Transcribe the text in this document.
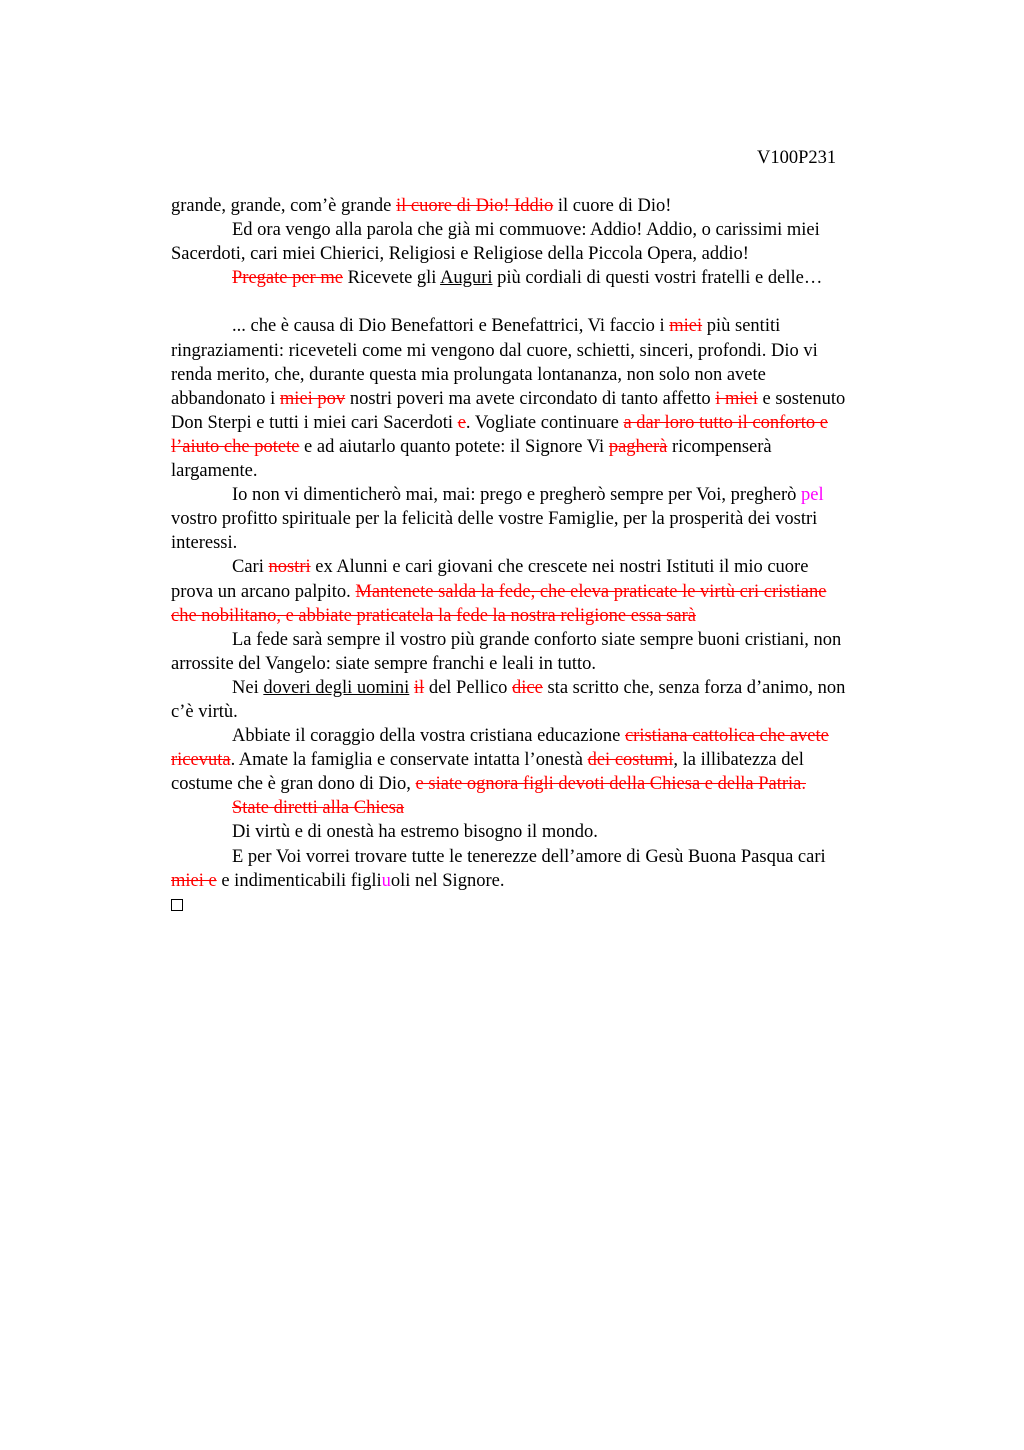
V100P231
grande, grande, com’è grande il cuore di Dio! Iddio il cuore di Dio!
Ed ora vengo alla parola che già mi commuove: Addio! Addio, o carissimi miei
Sacerdoti, cari miei Chierici, Religiosi e Religiose della Piccola Opera, addio!
Pregate per me Ricevete gli Auguri più cordiali di questi vostri fratelli e delle…
... che è causa di Dio Benefattori e Benefattrici, Vi faccio i miei più sentiti
ringraziamenti: riceveteli come mi vengono dal cuore, schietti, sinceri, profondi. Dio vi
renda merito, che, durante questa mia prolungata lontananza, non solo non avete
abbandonato i miei pov nostri poveri ma avete circondato di tanto affetto i miei e sostenuto
Don Sterpi e tutti i miei cari Sacerdoti e. Vogliate continuare a dar loro tutto il conforto e
l’aiuto che potete e ad aiutarlo quanto potete: il Signore Vi pagherà ricompenserà
largamente.
Io non vi dimenticherò mai, mai: prego e pregherò sempre per Voi, pregherò pel
vostro profitto spirituale per la felicità delle vostre Famiglie, per la prosperità dei vostri
interessi.
Cari nostri ex Alunni e cari giovani che crescete nei nostri Istituti il mio cuore
prova un arcano palpito. Mantenete salda la fede, che eleva praticate le virtù cri cristiane
che nobilitano, e abbiate praticatela la fede la nostra religione essa sarà
La fede sarà sempre il vostro più grande conforto siate sempre buoni cristiani, non
arrossite del Vangelo: siate sempre franchi e leali in tutto.
Nei doveri degli uomini il del Pellico dice sta scritto che, senza forza d’animo, non
c’è virtù.
Abbiate il coraggio della vostra cristiana educazione cristiana cattolica che avete
ricevuta. Amate la famiglia e conservate intatta l’onestà dei costumi, la illibatezza del
costume che è gran dono di Dio, e siate ognora figli devoti della Chiesa e della Patria.
State diretti alla Chiesa
Di virtù e di onestà ha estremo bisogno il mondo.
E per Voi vorrei trovare tutte le tenerezze dell’amore di Gesù Buona Pasqua cari
miei e e indimenticabili figliuoli nel Signore.
